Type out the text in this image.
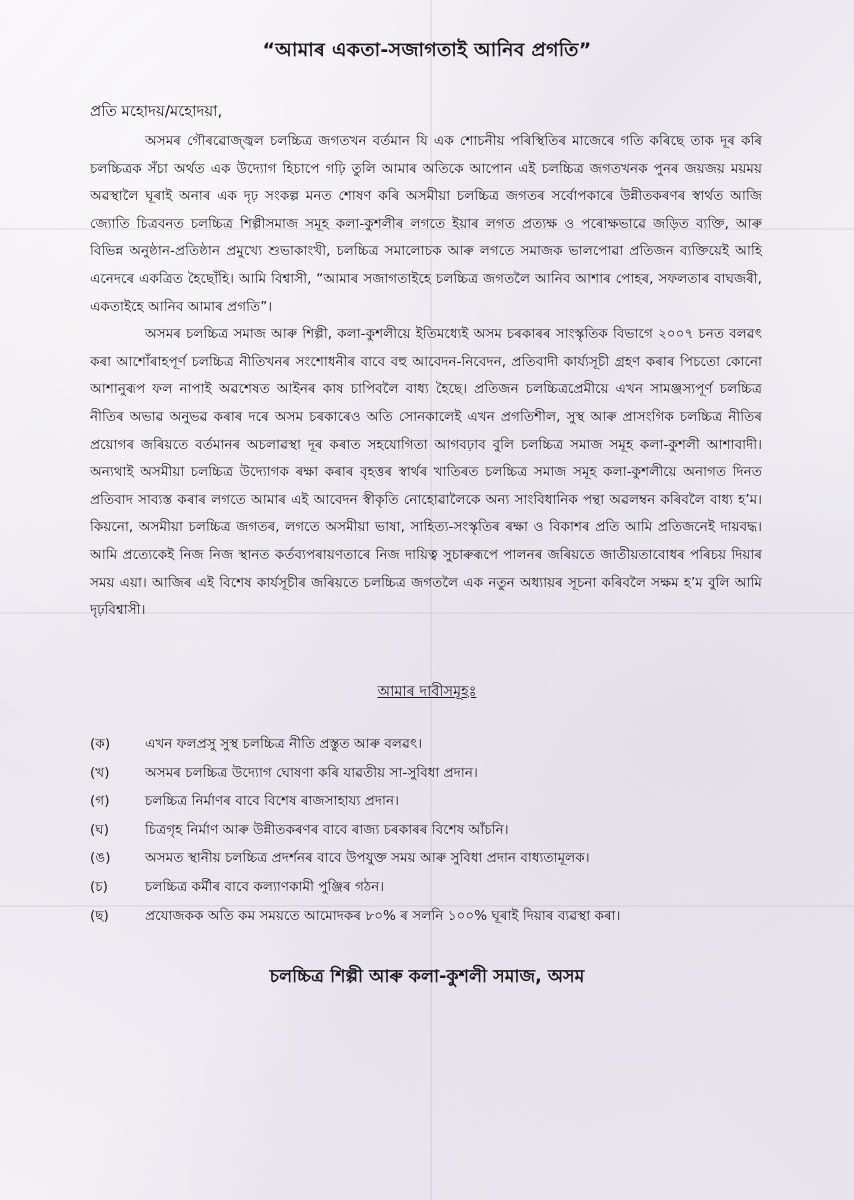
“আমাৰ একতা-সজাগতাই আনিব প্ৰগতি”
প্ৰতি মহোদয়/মহোদয়া,

অসমৰ গৌৰৱোজ্জ্বল চলচ্চিত্ৰ জগতখন বৰ্তমান যি এক শোচনীয় পৰিস্থিতিৰ মাজেৰে গতি কৰিছে তাক দূৰ কৰি চলচ্চিত্ৰক সঁচা অৰ্থত এক উদ্যোগ হিচাপে গঢ়ি তুলি আমাৰ অতিকে আপোন এই চলচ্চিত্ৰ জগতখনক পুনৰ জয়জয় ময়ময় অৱস্থালৈ ঘূৰাই অনাৰ এক দৃঢ় সংকল্প মনত শোষণ কৰি অসমীয়া চলচ্চিত্ৰ জগতৰ সৰ্বোপকাৰে উন্নীতকৰণৰ স্বাৰ্থত আজি জ্যোতি চিত্ৰবনত চলচ্চিত্ৰ শিল্পীসমাজ সমূহ কলা-কুশলীৰ লগতে ইয়াৰ লগত প্ৰত্যক্ষ ও পৰোক্ষভাৱে জড়িত ব্যক্তি, আৰু বিভিন্ন অনুষ্ঠান-প্ৰতিষ্ঠান প্ৰমুখ্যে শুভাকাংখী, চলচ্চিত্ৰ সমালোচক আৰু লগতে সমাজক ভালপোৱা প্ৰতিজন ব্যক্তিয়েই আহি এনেদৰে একত্ৰিত হৈছোঁহি। আমি বিশ্বাসী, “আমাৰ সজাগতাইহে চলচ্চিত্ৰ জগতলৈ আনিব আশাৰ পোহৰ, সফলতাৰ বাঘজৰী, একতাইহে আনিব আমাৰ প্ৰগতি”।

অসমৰ চলচ্চিত্ৰ সমাজ আৰু শিল্পী, কলা-কুশলীয়ে ইতিমধ্যেই অসম চৰকাৰৰ সাংস্কৃতিক বিভাগে ২০০৭ চনত বলৱৎ কৰা আশোঁৰাহপূৰ্ণ চলচ্চিত্ৰ নীতিখনৰ সংশোধনীৰ বাবে বহু আবেদন-নিবেদন, প্ৰতিবাদী কাৰ্য্যসূচী গ্ৰহণ কৰাৰ পিচতো কোনো আশানুৰূপ ফল নাপাই অৱশেষত আইনৰ কাষ চাপিবলৈ বাধ্য হৈছে। প্ৰতিজন চলচ্চিত্ৰপ্ৰেমীয়ে এখন সামঞ্জস্যপূৰ্ণ চলচ্চিত্ৰ নীতিৰ অভাৱ অনুভৱ কৰাৰ দৰে অসম চৰকাৰেও অতি সোনকালেই এখন প্ৰগতিশীল, সুস্থ আৰু প্ৰাসংগিক চলচ্চিত্ৰ নীতিৰ প্ৰয়োগৰ জৰিয়তে বৰ্তমানৰ অচলাৱস্থা দূৰ কৰাত সহযোগিতা আগবঢ়াব বুলি চলচ্চিত্ৰ সমাজ সমূহ কলা-কুশলী আশাবাদী। অন্যথাই অসমীয়া চলচ্চিত্ৰ উদ্যোগক ৰক্ষা কৰাৰ বৃহত্তৰ স্বাৰ্থৰ খাতিৰত চলচ্চিত্ৰ সমাজ সমূহ কলা-কুশলীয়ে অনাগত দিনত প্ৰতিবাদ সাব্যস্ত কৰাৰ লগতে আমাৰ এই আবেদন স্বীকৃতি নোহোৱালৈকে অন্য সাংবিধানিক পন্থা অৱলম্বন কৰিবলৈ বাধ্য হ’ম। কিয়নো, অসমীয়া চলচ্চিত্ৰ জগতৰ, লগতে অসমীয়া ভাষা, সাহিত্য-সংস্কৃতিৰ ৰক্ষা ও বিকাশৰ প্ৰতি আমি প্ৰতিজনেই দায়বদ্ধ। আমি প্ৰত্যেকেই নিজ নিজ স্থানত কৰ্তব্যপৰায়ণতাৰে নিজ দায়িত্ব সুচাৰুৰূপে পালনৰ জৰিয়তে জাতীয়তাবোধৰ পৰিচয় দিয়াৰ সময় এয়া। আজিৰ এই বিশেষ কাৰ্যসূচীৰ জৰিয়তে চলচ্চিত্ৰ জগতলৈ এক নতুন অধ্যায়ৰ সূচনা কৰিবলৈ সক্ষম হ’ম বুলি আমি দৃঢ়বিশ্বাসী।

আমাৰ দাবীসমূহঃ
(ক)	এখন ফলপ্ৰসু সুস্থ চলচ্চিত্ৰ নীতি প্ৰস্তুত আৰু বলৱৎ।
(খ)	অসমৰ চলচ্চিত্ৰ উদ্যোগ ঘোষণা কৰি যাৱতীয় সা-সুবিধা প্ৰদান।
(গ)	চলচ্চিত্ৰ নিৰ্মাণৰ বাবে বিশেষ ৰাজসাহায্য প্ৰদান।
(ঘ)	চিত্ৰগৃহ নিৰ্মাণ আৰু উন্নীতকৰণৰ বাবে ৰাজ্য চৰকাৰৰ বিশেষ আঁচনি।
(ঙ)	অসমত স্থানীয় চলচ্চিত্ৰ প্ৰদৰ্শনৰ বাবে উপযুক্ত সময় আৰু সুবিধা প্ৰদান বাধ্যতামূলক।
(চ)	চলচ্চিত্ৰ কৰ্মীৰ বাবে কল্যাণকামী পুঞ্জিৰ গঠন।
(ছ)	প্ৰযোজকক অতি কম সময়তে আমোদকৰ ৮০% ৰ সলনি ১০০% ঘূৰাই দিয়াৰ ব্যৱস্থা কৰা।
চলচ্চিত্ৰ শিল্পী আৰু কলা-কুশলী সমাজ, অসম
